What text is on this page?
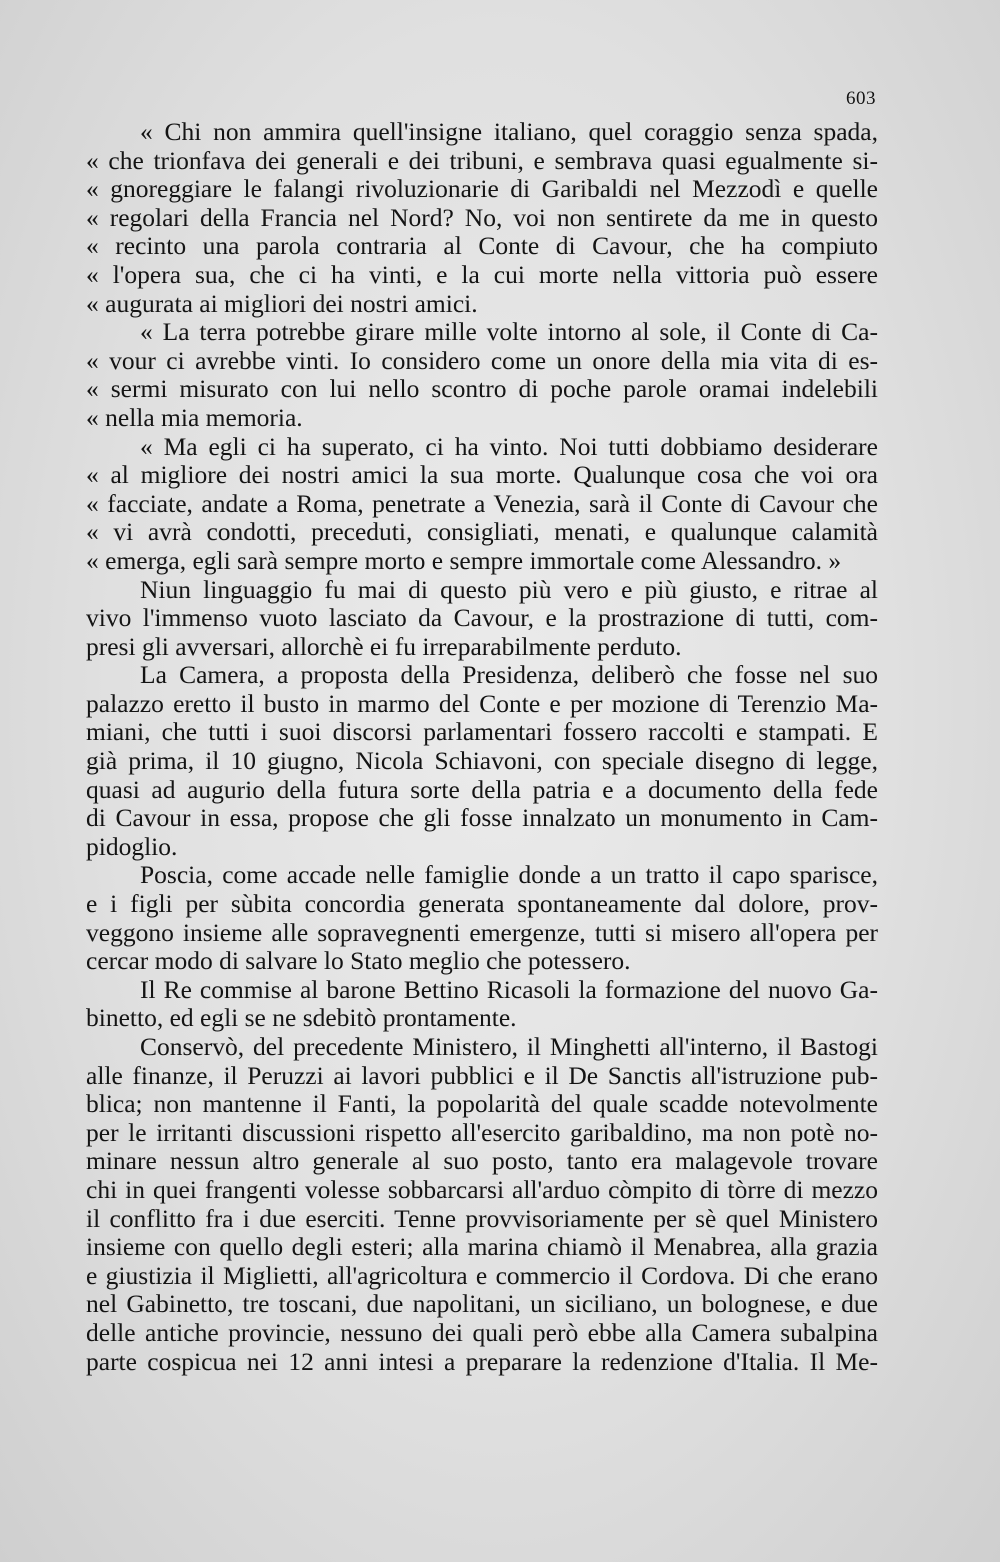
603
« Chi non ammira quell'insigne italiano, quel coraggio senza spada,
« che trionfava dei generali e dei tribuni, e sembrava quasi egualmente si-
« gnoreggiare le falangi rivoluzionarie di Garibaldi nel Mezzodì e quelle
« regolari della Francia nel Nord? No, voi non sentirete da me in questo
« recinto una parola contraria al Conte di Cavour, che ha compiuto
« l'opera sua, che ci ha vinti, e la cui morte nella vittoria può essere
« augurata ai migliori dei nostri amici.
« La terra potrebbe girare mille volte intorno al sole, il Conte di Ca-
« vour ci avrebbe vinti. Io considero come un onore della mia vita di es-
« sermi misurato con lui nello scontro di poche parole oramai indelebili
« nella mia memoria.
« Ma egli ci ha superato, ci ha vinto. Noi tutti dobbiamo desiderare
« al migliore dei nostri amici la sua morte. Qualunque cosa che voi ora
« facciate, andate a Roma, penetrate a Venezia, sarà il Conte di Cavour che
« vi avrà condotti, preceduti, consigliati, menati, e qualunque calamità
« emerga, egli sarà sempre morto e sempre immortale come Alessandro. »
Niun linguaggio fu mai di questo più vero e più giusto, e ritrae al
vivo l'immenso vuoto lasciato da Cavour, e la prostrazione di tutti, com-
presi gli avversari, allorchè ei fu irreparabilmente perduto.
La Camera, a proposta della Presidenza, deliberò che fosse nel suo
palazzo eretto il busto in marmo del Conte e per mozione di Terenzio Ma-
miani, che tutti i suoi discorsi parlamentari fossero raccolti e stampati. E
già prima, il 10 giugno, Nicola Schiavoni, con speciale disegno di legge,
quasi ad augurio della futura sorte della patria e a documento della fede
di Cavour in essa, propose che gli fosse innalzato un monumento in Cam-
pidoglio.
Poscia, come accade nelle famiglie donde a un tratto il capo sparisce,
e i figli per sùbita concordia generata spontaneamente dal dolore, prov-
veggono insieme alle sopravegnenti emergenze, tutti si misero all'opera per
cercar modo di salvare lo Stato meglio che potessero.
Il Re commise al barone Bettino Ricasoli la formazione del nuovo Ga-
binetto, ed egli se ne sdebitò prontamente.
Conservò, del precedente Ministero, il Minghetti all'interno, il Bastogi
alle finanze, il Peruzzi ai lavori pubblici e il De Sanctis all'istruzione pub-
blica; non mantenne il Fanti, la popolarità del quale scadde notevolmente
per le irritanti discussioni rispetto all'esercito garibaldino, ma non potè no-
minare nessun altro generale al suo posto, tanto era malagevole trovare
chi in quei frangenti volesse sobbarcarsi all'arduo còmpito di tòrre di mezzo
il conflitto fra i due eserciti. Tenne provvisoriamente per sè quel Ministero
insieme con quello degli esteri; alla marina chiamò il Menabrea, alla grazia
e giustizia il Miglietti, all'agricoltura e commercio il Cordova. Di che erano
nel Gabinetto, tre toscani, due napolitani, un siciliano, un bolognese, e due
delle antiche provincie, nessuno dei quali però ebbe alla Camera subalpina
parte cospicua nei 12 anni intesi a preparare la redenzione d'Italia. Il Me-
